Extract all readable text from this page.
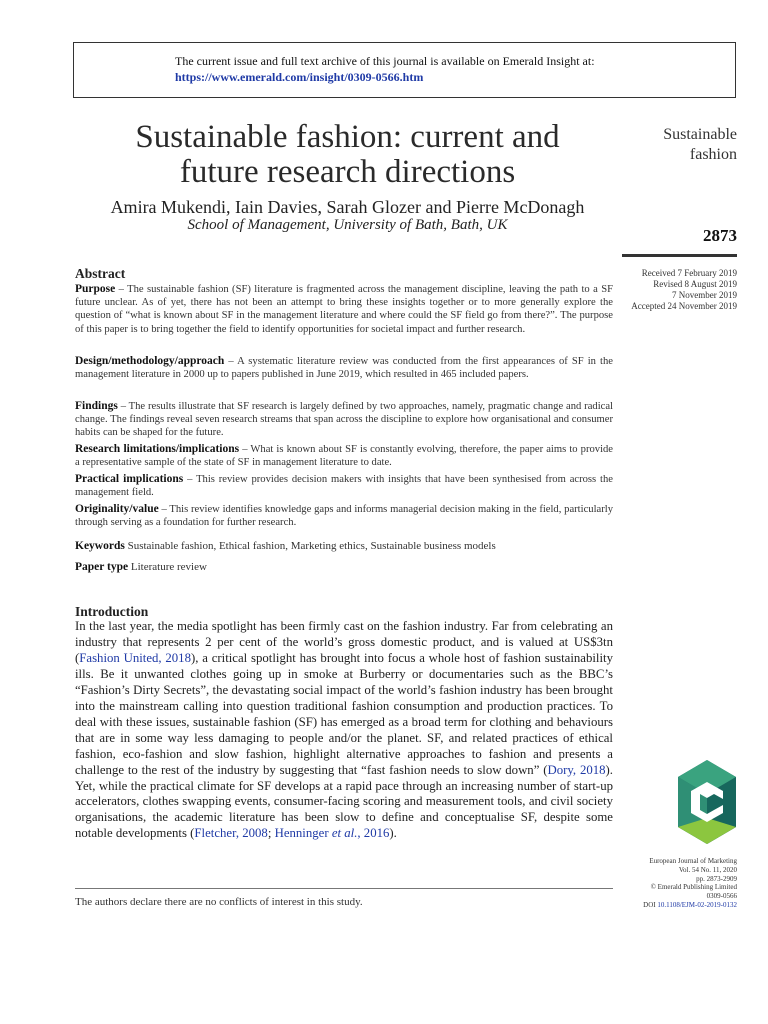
The current issue and full text archive of this journal is available on Emerald Insight at:
https://www.emerald.com/insight/0309-0566.htm
Sustainable fashion: current and
future research directions
Amira Mukendi, Iain Davies, Sarah Glozer and Pierre McDonagh
School of Management, University of Bath, Bath, UK
Sustainable
fashion
2873
Received 7 February 2019
Revised 8 August 2019
7 November 2019
Accepted 24 November 2019
Abstract
Purpose – The sustainable fashion (SF) literature is fragmented across the management discipline, leaving the path to a SF future unclear. As of yet, there has not been an attempt to bring these insights together or to more generally explore the question of “what is known about SF in the management literature and where could the SF field go from there?”. The purpose of this paper is to bring together the field to identify opportunities for societal impact and further research.
Design/methodology/approach – A systematic literature review was conducted from the first appearances of SF in the management literature in 2000 up to papers published in June 2019, which resulted in 465 included papers.
Findings – The results illustrate that SF research is largely defined by two approaches, namely, pragmatic change and radical change. The findings reveal seven research streams that span across the discipline to explore how organisational and consumer habits can be shaped for the future.
Research limitations/implications – What is known about SF is constantly evolving, therefore, the paper aims to provide a representative sample of the state of SF in management literature to date.
Practical implications – This review provides decision makers with insights that have been synthesised from across the management field.
Originality/value – This review identifies knowledge gaps and informs managerial decision making in the field, particularly through serving as a foundation for further research.
Keywords Sustainable fashion, Ethical fashion, Marketing ethics, Sustainable business models
Paper type Literature review
Introduction
In the last year, the media spotlight has been firmly cast on the fashion industry. Far from celebrating an industry that represents 2 per cent of the world’s gross domestic product, and is valued at US$3tn (Fashion United, 2018), a critical spotlight has brought into focus a whole host of fashion sustainability ills. Be it unwanted clothes going up in smoke at Burberry or documentaries such as the BBC’s “Fashion’s Dirty Secrets”, the devastating social impact of the world’s fashion industry has been brought into the mainstream calling into question traditional fashion consumption and production practices. To deal with these issues, sustainable fashion (SF) has emerged as a broad term for clothing and behaviours that are in some way less damaging to people and/or the planet. SF, and related practices of ethical fashion, eco-fashion and slow fashion, highlight alternative approaches to fashion and presents a challenge to the rest of the industry by suggesting that “fast fashion needs to slow down” (Dory, 2018). Yet, while the practical climate for SF develops at a rapid pace through an increasing number of start-up accelerators, clothes swapping events, consumer-facing scoring and measurement tools, and civil society organisations, the academic literature has been slow to define and conceptualise SF, despite some notable developments (Fletcher, 2008; Henninger et al., 2016).
The authors declare there are no conflicts of interest in this study.
European Journal of Marketing
Vol. 54 No. 11, 2020
pp. 2873-2909
© Emerald Publishing Limited
0309-0566
DOI 10.1108/EJM-02-2019-0132
